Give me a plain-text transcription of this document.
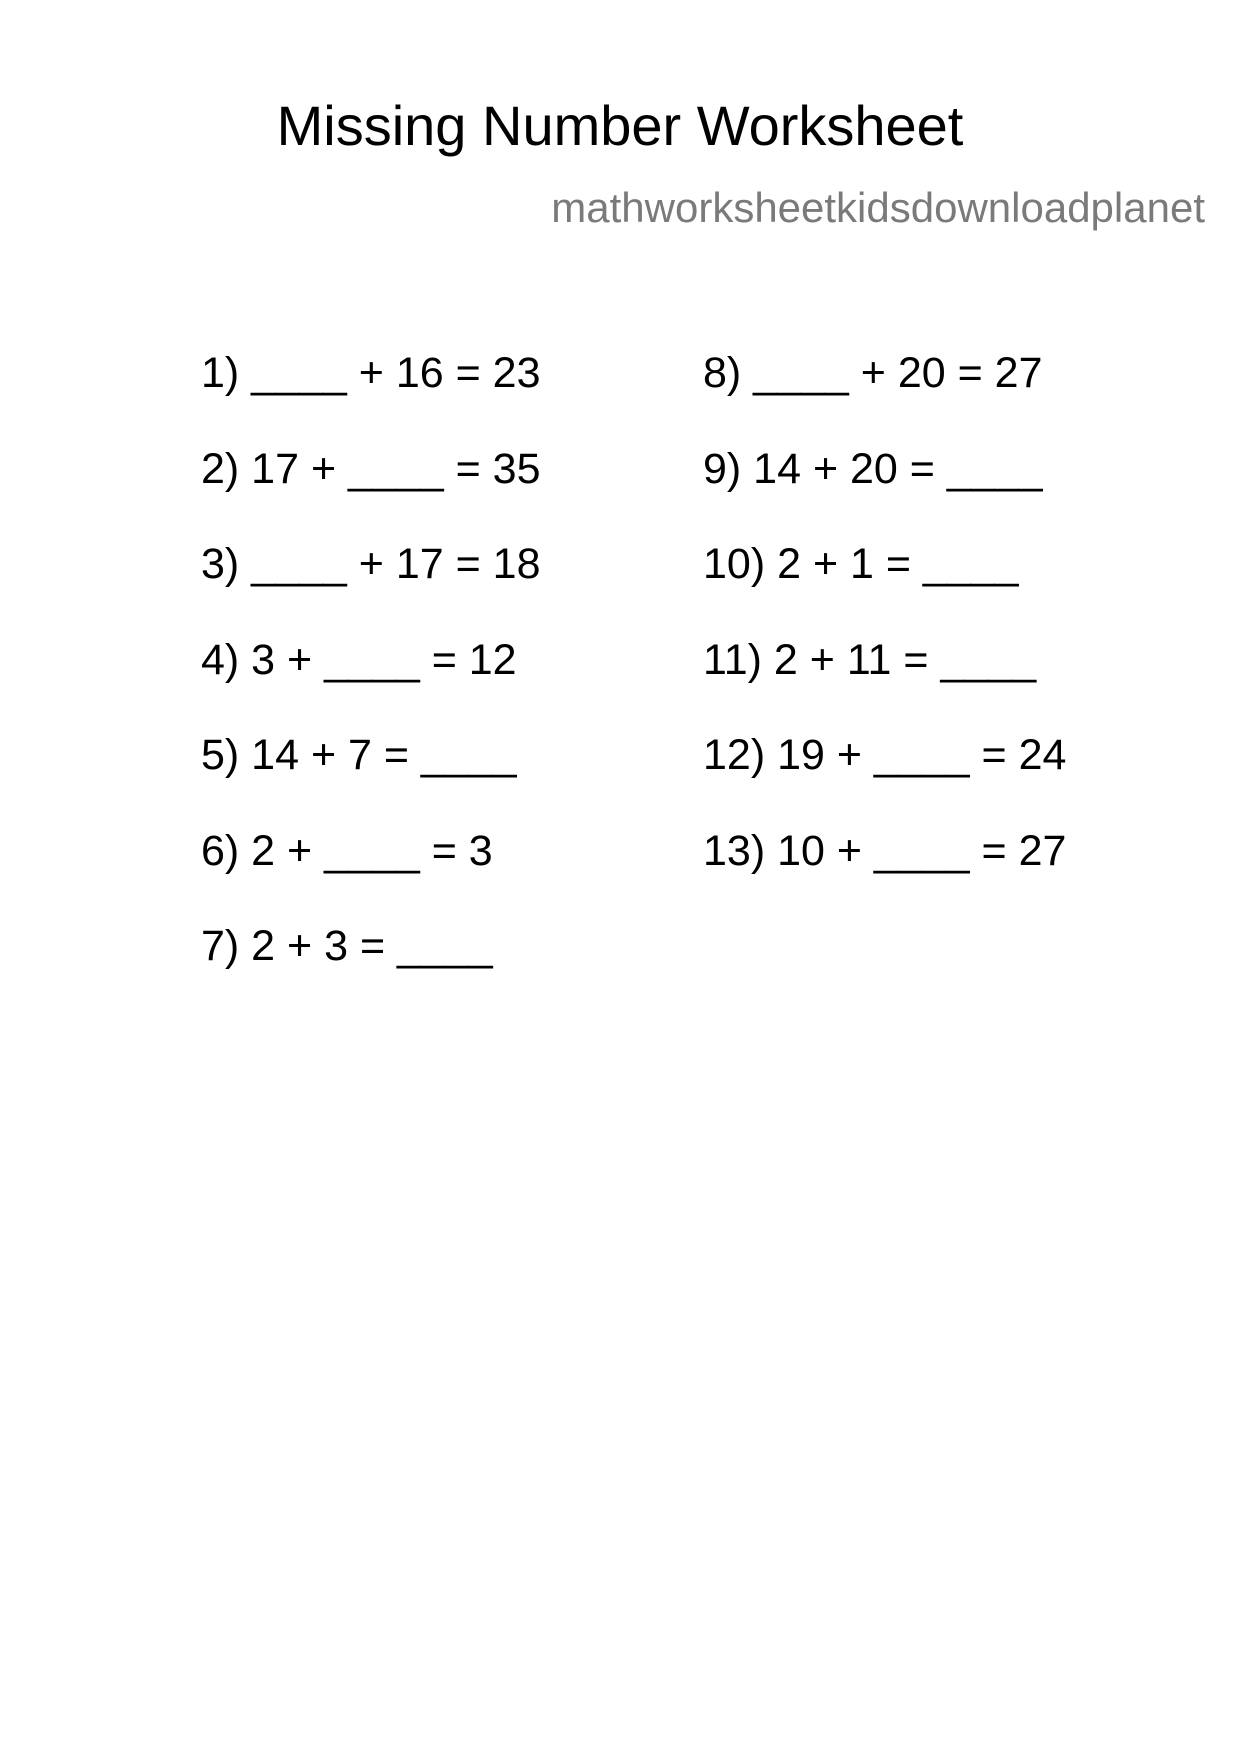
Missing Number Worksheet
mathworksheetkidsdownloadplanet
1) ____ + 16 = 23
2) 17 + ____ = 35
3) ____ + 17 = 18
4) 3 + ____ = 12
5) 14 + 7 = ____
6) 2 + ____ = 3
7) 2 + 3 = ____
8) ____ + 20 = 27
9) 14 + 20 = ____
10) 2 + 1 = ____
11) 2 + 11 = ____
12) 19 + ____ = 24
13) 10 + ____ = 27
